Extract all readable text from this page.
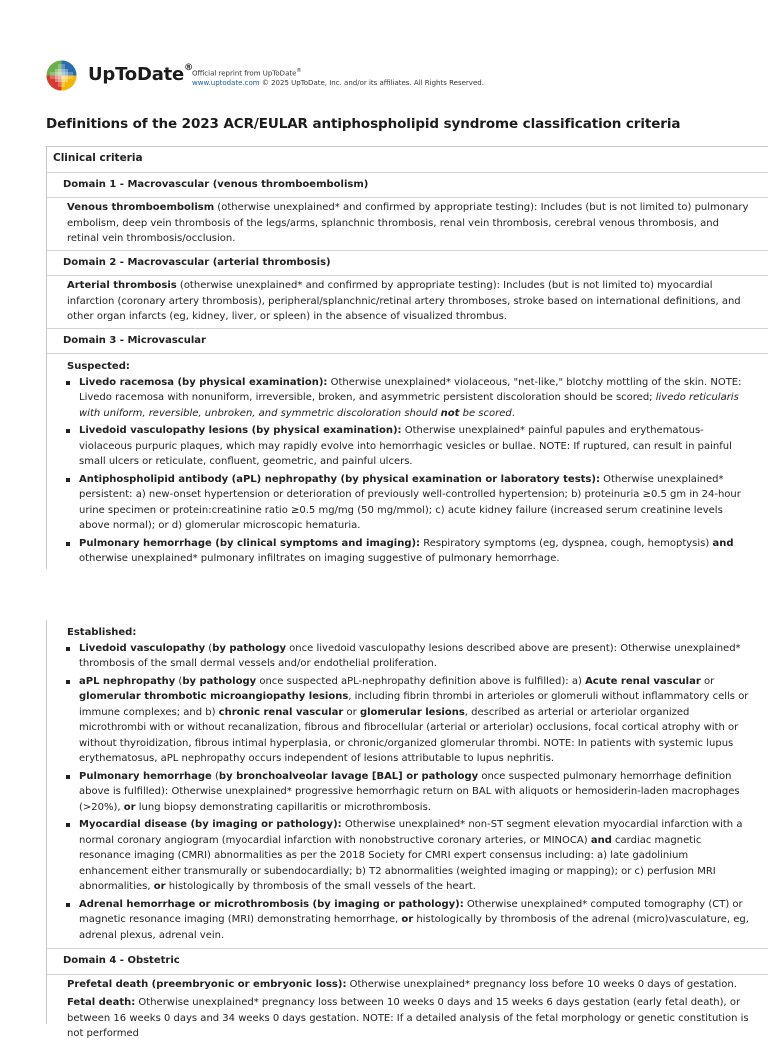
UpToDate®
Official reprint from UpToDate®
www.uptodate.com © 2025 UpToDate, Inc. and/or its affiliates. All Rights Reserved.
Definitions of the 2023 ACR/EULAR antiphospholipid syndrome classification criteria
Clinical criteria
Domain 1 - Macrovascular (venous thromboembolism)
Venous thromboembolism (otherwise unexplained* and confirmed by appropriate testing): Includes (but is not limited to) pulmonary embolism, deep vein thrombosis of the legs/arms, splanchnic thrombosis, renal vein thrombosis, cerebral venous thrombosis, and retinal vein thrombosis/occlusion.
Domain 2 - Macrovascular (arterial thrombosis)
Arterial thrombosis (otherwise unexplained* and confirmed by appropriate testing): Includes (but is not limited to) myocardial infarction (coronary artery thrombosis), peripheral/splanchnic/retinal artery thromboses, stroke based on international definitions, and other organ infarcts (eg, kidney, liver, or spleen) in the absence of visualized thrombus.
Domain 3 - Microvascular
Suspected:
Livedo racemosa (by physical examination): Otherwise unexplained* violaceous, "net-like," blotchy mottling of the skin. NOTE: Livedo racemosa with nonuniform, irreversible, broken, and asymmetric persistent discoloration should be scored; livedo reticularis with uniform, reversible, unbroken, and symmetric discoloration should not be scored.
Livedoid vasculopathy lesions (by physical examination): Otherwise unexplained* painful papules and erythematous-violaceous purpuric plaques, which may rapidly evolve into hemorrhagic vesicles or bullae. NOTE: If ruptured, can result in painful small ulcers or reticulate, confluent, geometric, and painful ulcers.
Antiphospholipid antibody (aPL) nephropathy (by physical examination or laboratory tests): Otherwise unexplained* persistent: a) new-onset hypertension or deterioration of previously well-controlled hypertension; b) proteinuria ≥0.5 gm in 24-hour urine specimen or protein:creatinine ratio ≥0.5 mg/mg (50 mg/mmol); c) acute kidney failure (increased serum creatinine levels above normal); or d) glomerular microscopic hematuria.
Pulmonary hemorrhage (by clinical symptoms and imaging): Respiratory symptoms (eg, dyspnea, cough, hemoptysis) and otherwise unexplained* pulmonary infiltrates on imaging suggestive of pulmonary hemorrhage.
Established:
Livedoid vasculopathy (by pathology once livedoid vasculopathy lesions described above are present): Otherwise unexplained* thrombosis of the small dermal vessels and/or endothelial proliferation.
aPL nephropathy (by pathology once suspected aPL-nephropathy definition above is fulfilled): a) Acute renal vascular or glomerular thrombotic microangiopathy lesions, including fibrin thrombi in arterioles or glomeruli without inflammatory cells or immune complexes; and b) chronic renal vascular or glomerular lesions, described as arterial or arteriolar organized microthrombi with or without recanalization, fibrous and fibrocellular (arterial or arteriolar) occlusions, focal cortical atrophy with or without thyroidization, fibrous intimal hyperplasia, or chronic/organized glomerular thrombi. NOTE: In patients with systemic lupus erythematosus, aPL nephropathy occurs independent of lesions attributable to lupus nephritis.
Pulmonary hemorrhage (by bronchoalveolar lavage [BAL] or pathology once suspected pulmonary hemorrhage definition above is fulfilled): Otherwise unexplained* progressive hemorrhagic return on BAL with aliquots or hemosiderin-laden macrophages (>20%), or lung biopsy demonstrating capillaritis or microthrombosis.
Myocardial disease (by imaging or pathology): Otherwise unexplained* non-ST segment elevation myocardial infarction with a normal coronary angiogram (myocardial infarction with nonobstructive coronary arteries, or MINOCA) and cardiac magnetic resonance imaging (CMRI) abnormalities as per the 2018 Society for CMRI expert consensus including: a) late gadolinium enhancement either transmurally or subendocardially; b) T2 abnormalities (weighted imaging or mapping); or c) perfusion MRI abnormalities, or histologically by thrombosis of the small vessels of the heart.
Adrenal hemorrhage or microthrombosis (by imaging or pathology): Otherwise unexplained* computed tomography (CT) or magnetic resonance imaging (MRI) demonstrating hemorrhage, or histologically by thrombosis of the adrenal (micro)vasculature, eg, adrenal plexus, adrenal vein.
Domain 4 - Obstetric

Prefetal death (preembryonic or embryonic loss): Otherwise unexplained* pregnancy loss before 10 weeks 0 days of gestation.

Fetal death: Otherwise unexplained* pregnancy loss between 10 weeks 0 days and 15 weeks 6 days gestation (early fetal death), or between 16 weeks 0 days and 34 weeks 0 days gestation. NOTE: If a detailed analysis of the fetal morphology or genetic constitution is not performed
